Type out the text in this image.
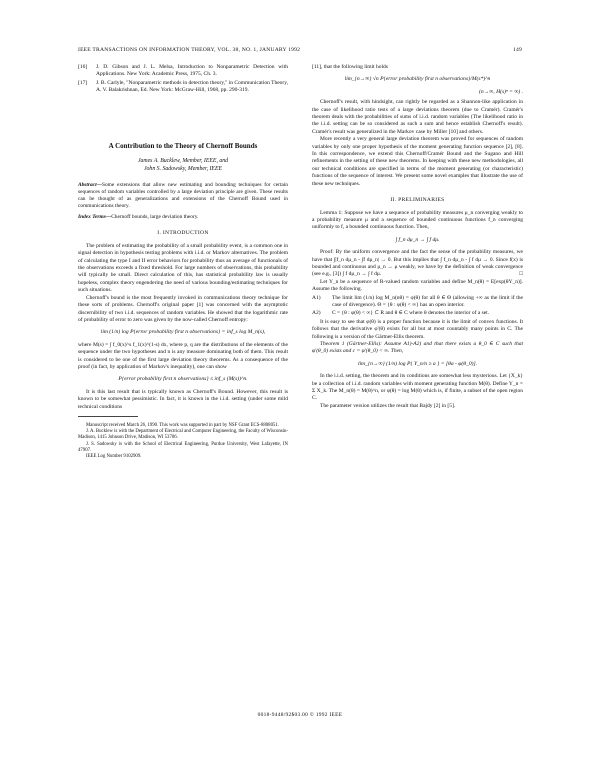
IEEE TRANSACTIONS ON INFORMATION THEORY, VOL. 38, NO. 1, JANUARY 1992	149
[16]	J. D. Gibson and J. L. Melsa, Introduction to Nonparametric Detection with Applications. New York: Academic Press, 1975, Ch. 3.
[17]	J. B. Carlyle, "Nonparametric methods in detection theory," in Communication Theory, A. V. Balakrishnan, Ed. New York: McGraw-Hill, 1968, pp. 290-319.
A Contribution to the Theory of Chernoff Bounds
James A. Bucklew, Member, IEEE, and
John S. Sadowsky, Member, IEEE
Abstract—Some extensions that allow new estimating and bounding techniques for certain sequences of random variables controlled by a large deviation principle are given. These results can be thought of as generalizations and extensions of the Chernoff Bound used in communications theory.
Index Terms—Chernoff bounds, large deviation theory.
I. INTRODUCTION

The problem of estimating the probability of a small probability event, is a common one in signal detection in hypothesis testing problems with i.i.d. or Markov alternatives. The problem of calculating the type I and II error behaviors for probability thus an average of functionals of the observations exceeds a fixed threshold. For large numbers of observations, this probability will typically be small. Direct calculation of this, has statistical probability law is usually hopeless, complex theory engendering the need of various bounding/estimating techniques for such situations.

Chernoff's bound is the most frequently invoked in communications theory technique for these sorts of problems. Chernoff's original paper [1] was concerned with the asymptotic discernibility of two i.i.d. sequences of random variables. He showed that the logarithmic rate of probability of error to zero was given by the now-called Chernoff entropy:

lim (1/n) log P{error probability first n observations} = inf_s log M_n(s),

where M(s) = ∫ f_0(x)^s f_1(x)^(1-s) dx, where p, q are the distributions of the elements of the sequence under the two hypotheses and n is any measure dominating both of them. This result is considered to be one of the first large deviation theory theorems. As a consequence of the proof (in fact, by application of Markov's inequality), one can show

P{error probability first n observations} ≤ inf_s (M(s))^n.

It is this last result that is typically known as Chernoff's Bound. However, this result is known to be somewhat pessimistic. In fact, it is known in the i.i.d. setting (under some mild technical conditions

Manuscript received March 26, 1990. This work was supported in part by NSF Grant ECS-8808051.

J. A. Bucklew is with the Department of Electrical and Computer Engineering, the Faculty of Wisconsin-Madison, 1415 Johnson Drive, Madison, WI 53706.

J. S. Sadowsky is with the School of Electrical Engineering, Purdue University, West Lafayette, IN 47907.

IEEE Log Number 9102909.

[11], that the following limit holds

lim_{n→∞} √n P{error probability first n observations}/M(s*)^n
(n→∞, H(s)ⁿ = ∞) .

Chernoff's result, with hindsight, can rightly be regarded as a Shannon-like application in the case of likelihood ratio tests of a large deviations theorem (due to Cramér). Cramér's theorem deals with the probabilities of sums of i.i.d. random variables (The likelihood ratio in the i.i.d. setting can be so considered as such a sum and hence establish Chernoff's result). Cramér's result was generalized in the Markov case by Miller [10] and others.

More recently a very general large deviation theorem was proved for sequences of random variables by only one proper hypothesis of the moment generating function sequence [2], [8]. In this correspondence, we extend this Chernoff/Cramér Bound and the Sugano and Hill refinements in the setting of these new theorems. In keeping with these new methodologies, all our technical conditions are specified in terms of the moment generating (or characteristic) functions of the sequence of interest. We present some novel examples that illustrate the use of these new techniques.

II. PRELIMINARIES

Lemma 1: Suppose we have a sequence of probability measures μ_n converging weakly to a probability measure μ and a sequence of bounded continuous functions f_n converging uniformly to f, a bounded continuous function. Then,

∫ f_n dμ_n → ∫ f dμ.

Proof: By the uniform convergence and the fact the sense of the probability measures, we have that ∫|f_n dμ_n - ∫f dμ_n| → 0. But this implies that ∫ f_n dμ_n - ∫ f dμ → 0. Since f(x) is bounded and continuous and μ_n → μ weakly, we have by the definition of weak convergence (see e.g., [3]) ∫ f dμ_n → ∫ f dμ.	□

Let Y_n be a sequence of R-valued random variables and define M_n(θ) = E[exp(θY_n)]. Assume the following.

A1)	The limit lim (1/n) log M_n(nθ) = φ(θ) for all θ ∈ Θ (allowing +∞ as the limit if the case of divergence). Θ = {θ : φ(θ) < ∞} has an open interior.
A2)	C = {θ : φ(θ) < ∞} ⊂ R and θ ∈ C where θ denotes the interior of a set.

It is easy to see that φ(θ) is a proper function because it is the limit of convex functions. It follows that the derivative φ'(θ) exists for all but at most countably many points in C. The following is a version of the Gärtner-Ellis theorem.

Theorem 1 (Gärtner-Ellis): Assume A1)-A2) and that there exists a θ_0 ∈ C such that φ'(θ_0) exists and c = φ'(θ_0) < ∞. Then,

lim_{n→∞} (1/n) log P{ Y_n/n ≥ a } = [θa - φ(θ_0)].

In the i.i.d. setting, the theorem and its conditions are somewhat less mysterious. Let {X_k} be a collection of i.i.d. random variables with moment generating function M(θ). Define Y_n = Σ X_k. The M_n(θ) = M(θ)^n, or φ(θ) = log M(θ) which is, if finite, a subset of the open region C.

The parameter version utilizes the result that Bajdy [2] in [5].

0018-9448/92$03.00 © 1992 IEEE
